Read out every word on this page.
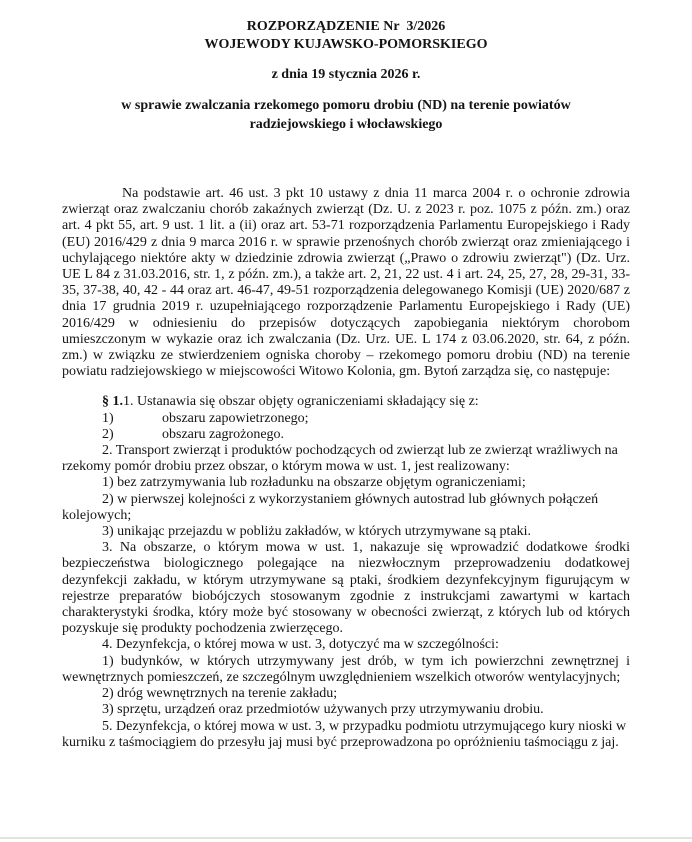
ROZPORZĄDZENIE Nr  3/2026
WOJEWODY KUJAWSKO-POMORSKIEGO
z dnia 19 stycznia 2026 r.
w sprawie zwalczania rzekomego pomoru drobiu (ND) na terenie powiatów
radziejowskiego i włocławskiego

Na podstawie art. 46 ust. 3 pkt 10 ustawy z dnia 11 marca 2004 r. o ochronie zdrowia zwierząt oraz zwalczaniu chorób zakaźnych zwierząt (Dz. U. z 2023 r. poz. 1075 z późn. zm.) oraz art. 4 pkt 55, art. 9 ust. 1 lit. a (ii) oraz art. 53-71 rozporządzenia Parlamentu Europejskiego i Rady (EU) 2016/429 z dnia 9 marca 2016 r. w sprawie przenośnych chorób zwierząt oraz zmieniającego i uchylającego niektóre akty w dziedzinie zdrowia zwierząt („Prawo o zdrowiu zwierząt") (Dz. Urz. UE L 84 z 31.03.2016, str. 1, z późn. zm.), a także art. 2, 21, 22 ust. 4 i art. 24, 25, 27, 28, 29-31, 33-35, 37-38, 40, 42 - 44 oraz art. 46-47, 49-51 rozporządzenia delegowanego Komisji (UE) 2020/687 z dnia 17 grudnia 2019 r. uzupełniającego rozporządzenie Parlamentu Europejskiego i Rady (UE) 2016/429 w odniesieniu do przepisów dotyczących zapobiegania niektórym chorobom umieszczonym w wykazie oraz ich zwalczania (Dz. Urz. UE. L 174 z 03.06.2020, str. 64, z późn. zm.) w związku ze stwierdzeniem ogniska choroby – rzekomego pomoru drobiu (ND) na terenie powiatu radziejowskiego w miejscowości Witowo Kolonia, gm. Bytoń zarządza się, co następuje:

§ 1.1. Ustanawia się obszar objęty ograniczeniami składający się z:

1)	obszaru zapowietrzonego;

2)	obszaru zagrożonego.

2. Transport zwierząt i produktów pochodzących od zwierząt lub ze zwierząt wrażliwych na rzekomy pomór drobiu przez obszar, o którym mowa w ust. 1, jest realizowany:

1) bez zatrzymywania lub rozładunku na obszarze objętym ograniczeniami;

2) w pierwszej kolejności z wykorzystaniem głównych autostrad lub głównych połączeń kolejowych;

3) unikając przejazdu w pobliżu zakładów, w których utrzymywane są ptaki.

3. Na obszarze, o którym mowa w ust. 1, nakazuje się wprowadzić dodatkowe środki bezpieczeństwa biologicznego polegające na niezwłocznym przeprowadzeniu dodatkowej dezynfekcji zakładu, w którym utrzymywane są ptaki, środkiem dezynfekcyjnym figurującym w rejestrze preparatów biobójczych stosowanym zgodnie z instrukcjami zawartymi w kartach charakterystyki środka, który może być stosowany w obecności zwierząt, z których lub od których pozyskuje się produkty pochodzenia zwierzęcego.

4. Dezynfekcja, o której mowa w ust. 3, dotyczyć ma w szczególności:

1) budynków, w których utrzymywany jest drób, w tym ich powierzchni zewnętrznej i wewnętrznych pomieszczeń, ze szczególnym uwzględnieniem wszelkich otworów wentylacyjnych;

2) dróg wewnętrznych na terenie zakładu;

3) sprzętu, urządzeń oraz przedmiotów używanych przy utrzymywaniu drobiu.

5. Dezynfekcja, o której mowa w ust. 3, w przypadku podmiotu utrzymującego kury nioski w kurniku z taśmociągiem do przesyłu jaj musi być przeprowadzona po opróżnieniu taśmociągu z jaj.
